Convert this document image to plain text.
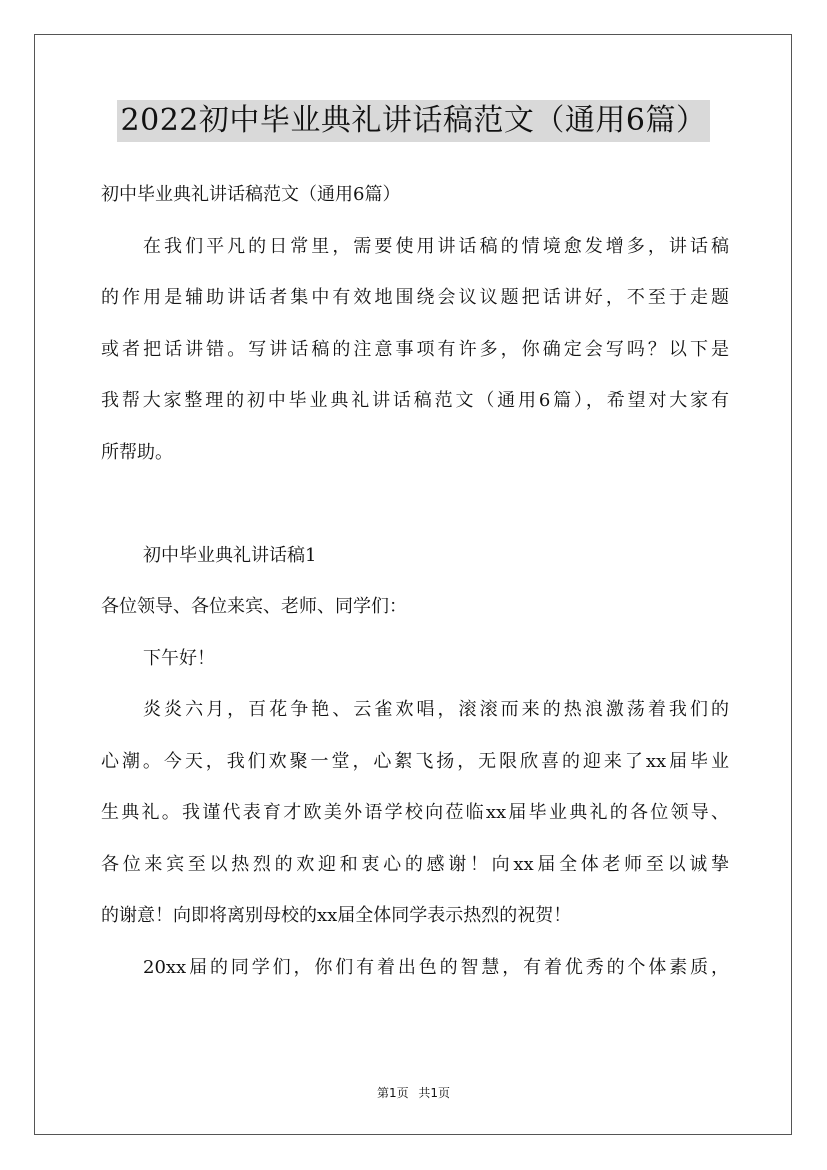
2022初中毕业典礼讲话稿范文（通用6篇）

初中毕业典礼讲话稿范文（通用6篇）

在我们平凡的日常里，需要使用讲话稿的情境愈发增多，讲话稿

的作用是辅助讲话者集中有效地围绕会议议题把话讲好，不至于走题

或者把话讲错。写讲话稿的注意事项有许多，你确定会写吗？以下是

我帮大家整理的初中毕业典礼讲话稿范文（通用6篇），希望对大家有

所帮助。

初中毕业典礼讲话稿1

各位领导、各位来宾、老师、同学们：

下午好！

炎炎六月，百花争艳、云雀欢唱，滚滚而来的热浪激荡着我们的

心潮。今天，我们欢聚一堂，心絮飞扬，无限欣喜的迎来了xx届毕业

生典礼。我谨代表育才欧美外语学校向莅临xx届毕业典礼的各位领导、

各位来宾至以热烈的欢迎和衷心的感谢！向xx届全体老师至以诚挚

的谢意！向即将离别母校的xx届全体同学表示热烈的祝贺！

20xx届的同学们，你们有着出色的智慧，有着优秀的个体素质，

第1页 共1页
